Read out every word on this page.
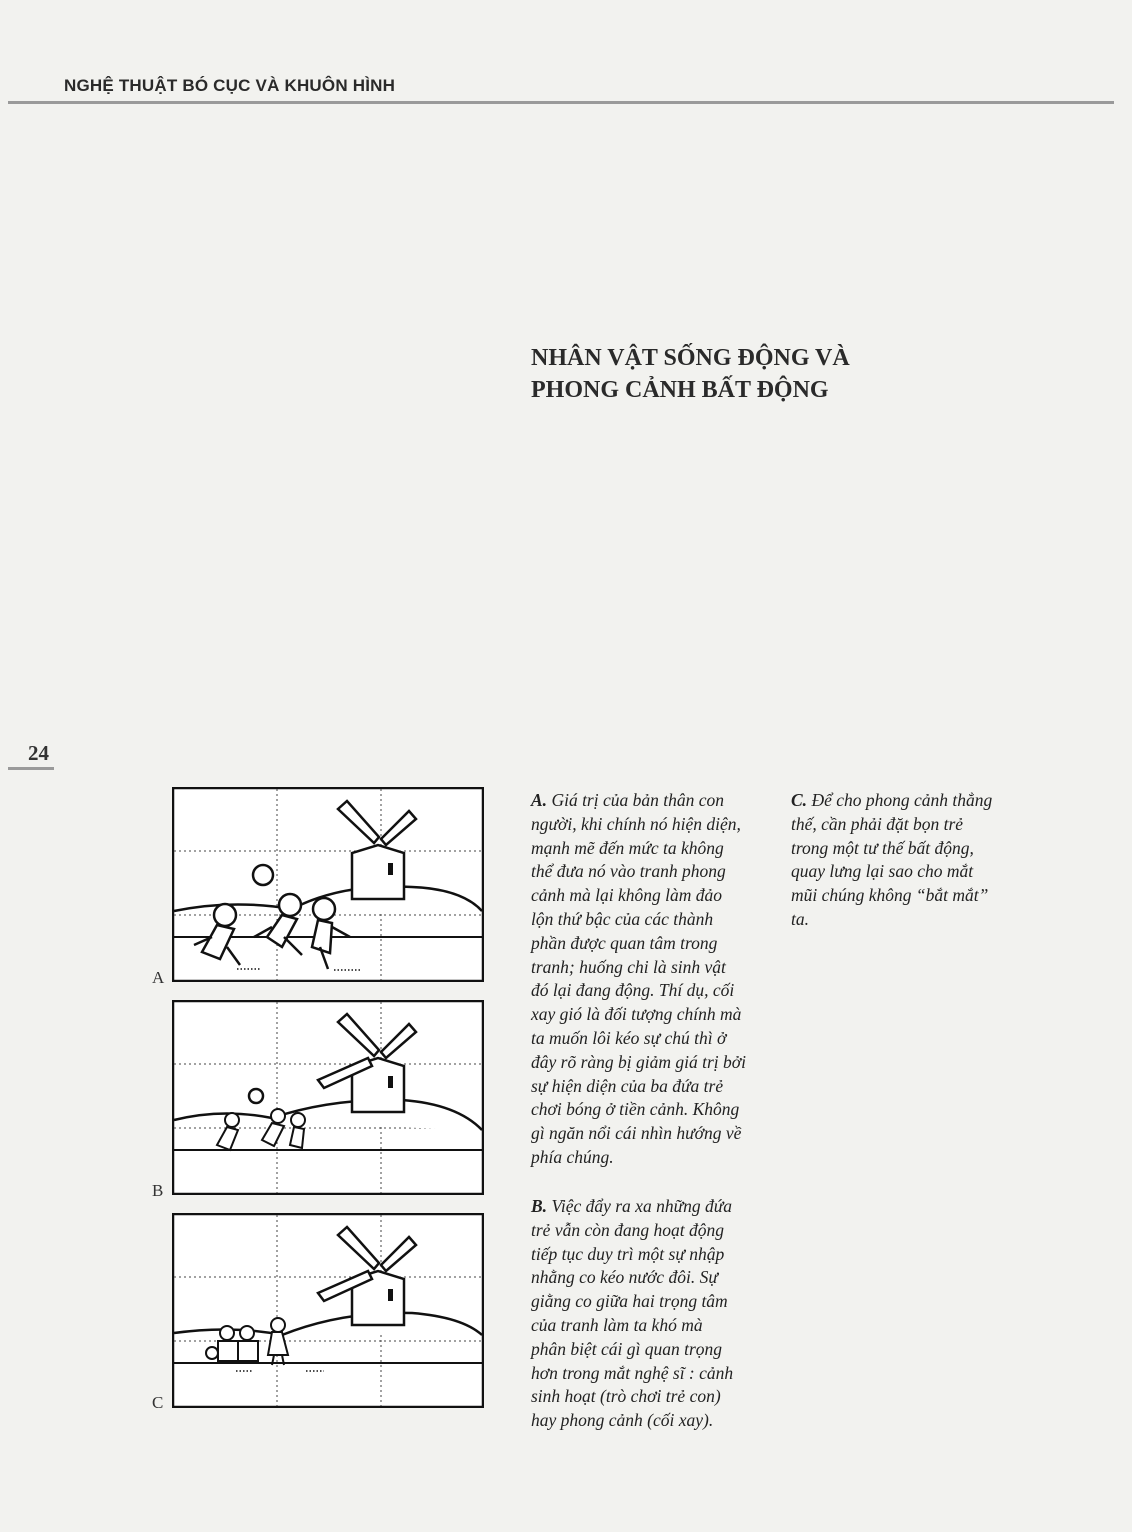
NGHỆ THUẬT BÓ CỤC VÀ KHUÔN HÌNH
NHÂN VẬT SỐNG ĐỘNG VÀ
PHONG CẢNH BẤT ĐỘNG
24
A
B
C
A. Giá trị của bản thân con
người, khi chính nó hiện diện,
mạnh mẽ đến mức ta không
thể đưa nó vào tranh phong
cảnh mà lại không làm đảo
lộn thứ bậc của các thành
phần được quan tâm trong
tranh; huống chi là sinh vật
đó lại đang động. Thí dụ, cối
xay gió là đối tượng chính mà
ta muốn lôi kéo sự chú thì ở
đây rõ ràng bị giảm giá trị bởi
sự hiện diện của ba đứa trẻ
chơi bóng ở tiền cảnh. Không
gì ngăn nổi cái nhìn hướng về
phía chúng.
B. Việc đẩy ra xa những đứa
trẻ vẫn còn đang hoạt động
tiếp tục duy trì một sự nhập
nhằng co kéo nước đôi. Sự
giằng co giữa hai trọng tâm
của tranh làm ta khó mà
phân biệt cái gì quan trọng
hơn trong mắt nghệ sĩ : cảnh
sinh hoạt (trò chơi trẻ con)
hay phong cảnh (cối xay).
C. Để cho phong cảnh thẳng
thế, cần phải đặt bọn trẻ
trong một tư thế bất động,
quay lưng lại sao cho mắt
mũi chúng không “bắt mắt”
ta.
